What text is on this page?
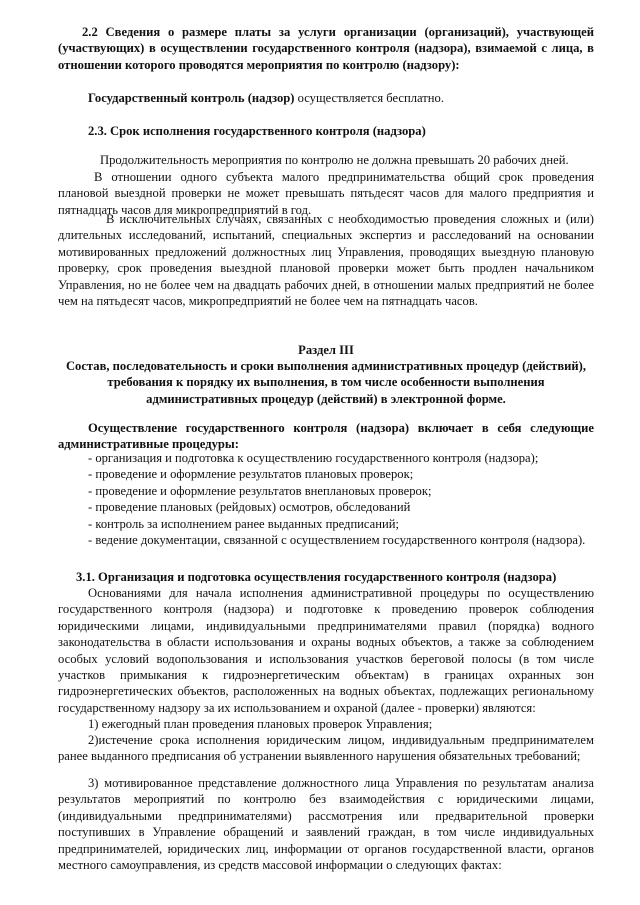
2.2 Сведения о размере платы за услуги организации (организаций), участвующей (участвующих) в осуществлении государственного контроля (надзора), взимаемой с лица, в отношении которого проводятся мероприятия по контролю (надзору):
Государственный контроль (надзор) осуществляется бесплатно.
2.3. Срок исполнения государственного контроля (надзора)
Продолжительность мероприятия по контролю не должна превышать 20 рабочих дней.
В отношении одного субъекта малого предпринимательства общий срок проведения плановой выездной проверки не может превышать пятьдесят часов для малого предприятия и пятнадцать часов для микропредприятий в год.
В исключительных случаях, связанных с необходимостью проведения сложных и (или) длительных исследований, испытаний, специальных экспертиз и расследований на основании мотивированных предложений должностных лиц Управления, проводящих выездную плановую проверку, срок проведения выездной плановой проверки может быть продлен начальником Управления, но не более чем на двадцать рабочих дней, в отношении малых предприятий не более чем на пятьдесят часов, микропредприятий не более чем на пятнадцать часов.
Раздел III
Состав, последовательность и сроки выполнения административных процедур (действий), требования к порядку их выполнения, в том числе особенности выполнения административных процедур (действий) в электронной форме.
Осуществление государственного контроля (надзора) включает в себя следующие административные процедуры:
- организация и подготовка к осуществлению государственного контроля (надзора);
- проведение и оформление результатов плановых проверок;
- проведение и оформление результатов внеплановых проверок;
- проведение плановых (рейдовых) осмотров, обследований
- контроль за исполнением ранее выданных предписаний;
- ведение документации, связанной с осуществлением государственного контроля (надзора).
3.1. Организация и подготовка осуществления государственного контроля (надзора)
Основаниями для начала исполнения административной процедуры по осуществлению государственного контроля (надзора) и подготовке к проведению проверок соблюдения юридическими лицами, индивидуальными предпринимателями правил (порядка) водного законодательства в области использования и охраны водных объектов, а также за соблюдением особых условий водопользования и использования участков береговой полосы (в том числе участков примыкания к гидроэнергетическим объектам) в границах охранных зон гидроэнергетических объектов, расположенных на водных объектах, подлежащих региональному государственному надзору за их использованием и охраной (далее - проверки) являются:
1) ежегодный план проведения плановых проверок Управления;
2)истечение срока исполнения юридическим лицом, индивидуальным предпринимателем ранее выданного предписания об устранении выявленного нарушения обязательных требований;
3) мотивированное представление должностного лица Управления по результатам анализа результатов мероприятий по контролю без взаимодействия с юридическими лицами, (индивидуальными предпринимателями) рассмотрения или предварительной проверки поступивших в Управление обращений и заявлений граждан, в том числе индивидуальных предпринимателей, юридических лиц, информации от органов государственной власти, органов местного самоуправления, из средств массовой информации о следующих фактах:
